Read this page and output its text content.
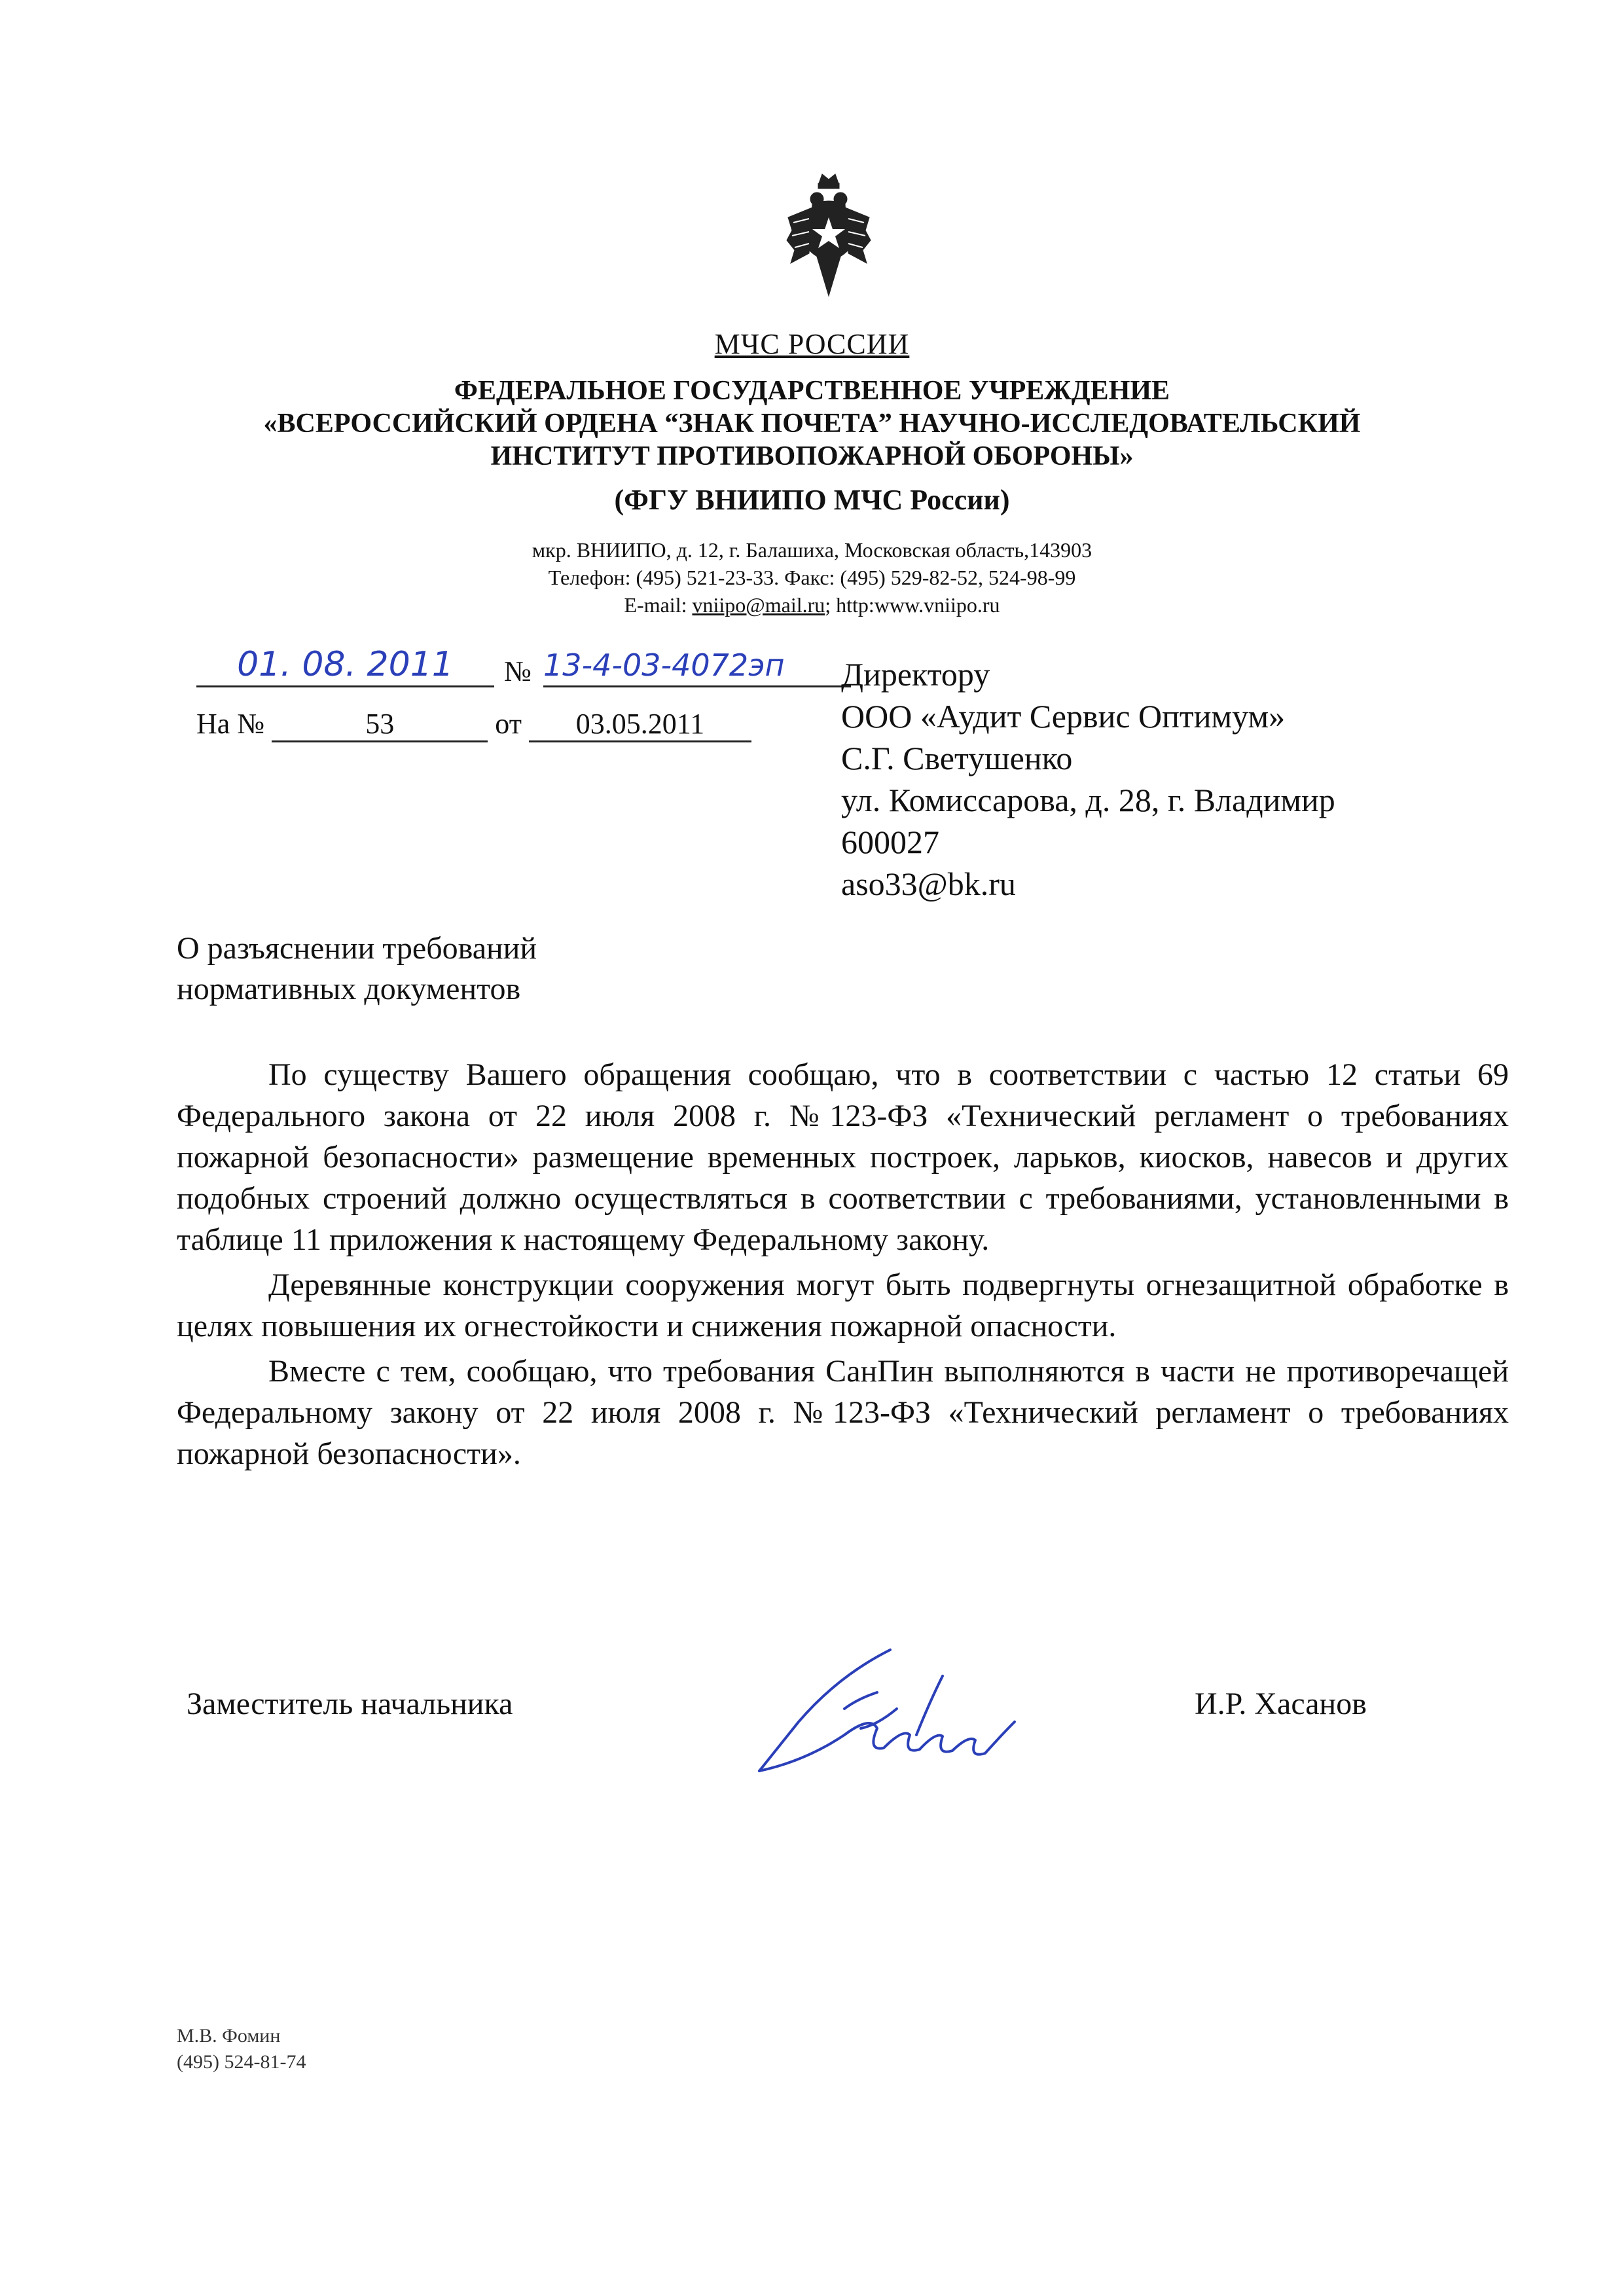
МЧС РОССИИ
ФЕДЕРАЛЬНОЕ ГОСУДАРСТВЕННОЕ УЧРЕЖДЕНИЕ
«ВСЕРОССИЙСКИЙ ОРДЕНА “ЗНАК ПОЧЕТА” НАУЧНО-ИССЛЕДОВАТЕЛЬСКИЙ
ИНСТИТУТ ПРОТИВОПОЖАРНОЙ ОБОРОНЫ»
(ФГУ ВНИИПО МЧС России)
мкр. ВНИИПО, д. 12, г. Балашиха, Московская область,143903
Телефон: (495) 521-23-33. Факс: (495) 529-82-52, 524-98-99
E-mail: vniipo@mail.ru; http:www.vniipo.ru
01. 08. 2011	№ 13-4-03-4072эп
На №	53	от 03.05.2011
Директору
ООО «Аудит Сервис Оптимум»
С.Г. Светушенко
ул. Комиссарова, д. 28, г. Владимир
600027
aso33@bk.ru
О разъяснении требований
нормативных документов

По существу Вашего обращения сообщаю, что в соответствии с частью 12 статьи 69 Федерального закона от 22 июля 2008 г. №123-ФЗ «Технический регламент о требованиях пожарной безопасности» размещение временных построек, ларьков, киосков, навесов и других подобных строений должно осуществляться в соответствии с требованиями, установленными в таблице 11 приложения к настоящему Федеральному закону.

Деревянные конструкции сооружения могут быть подвергнуты огнезащитной обработке в целях повышения их огнестойкости и снижения пожарной опасности.

Вместе с тем, сообщаю, что требования СанПин выполняются в части не противоречащей Федеральному закону от 22 июля 2008 г. №123-ФЗ «Технический регламент о требованиях пожарной безопасности».

Заместитель начальника	И.Р. Хасанов
М.В. Фомин
(495) 524-81-74
